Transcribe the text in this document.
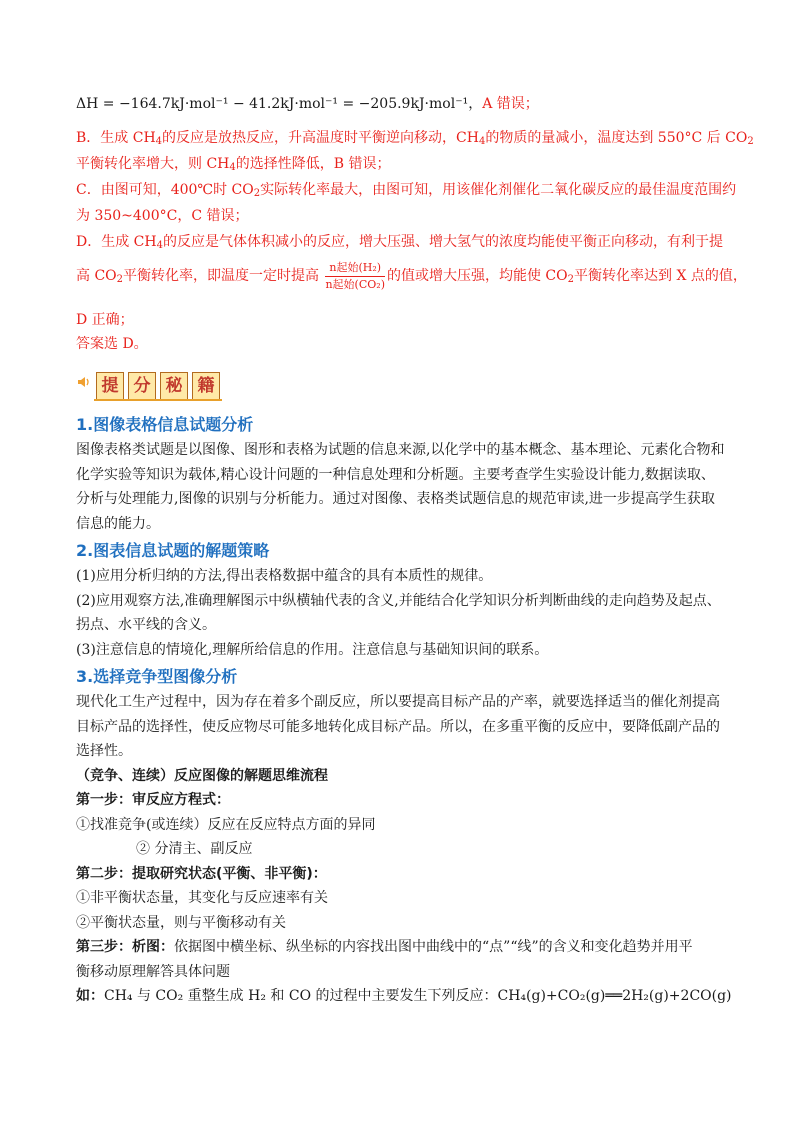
ΔH = −164.7kJ·mol⁻¹ − 41.2kJ·mol⁻¹ = −205.9kJ·mol⁻¹，A 错误；
B．生成 $CH_4$的反应是放热反应，升高温度时平衡逆向移动，$CH_4$的物质的量减小，温度达到 550°C 后 $CO_2$
平衡转化率增大，则 $CH_4$的选择性降低，B 错误；
C．由图可知，400℃时 $CO_2$实际转化率最大，由图可知，用该催化剂催化二氧化碳反应的最佳温度范围约
为 350~400°C，C 错误；
D．生成 $CH_4$的反应是气体体积减小的反应，增大压强、增大氢气的浓度均能使平衡正向移动，有利于提
高 $CO_2$平衡转化率，即温度一定时提高 $\frac{\text{n起始(H₂)}}{\text{n起始(CO₂)}}$ 的值或增大压强，均能使 $CO_2$平衡转化率达到 X 点的值，
D 正确；
答案选 D。
提 分 秘 籍
1.图像表格信息试题分析
图像表格类试题是以图像、图形和表格为试题的信息来源,以化学中的基本概念、基本理论、元素化合物和
化学实验等知识为载体,精心设计问题的一种信息处理和分析题。主要考查学生实验设计能力,数据读取、
分析与处理能力,图像的识别与分析能力。通过对图像、表格类试题信息的规范审读,进一步提高学生获取
信息的能力。
2.图表信息试题的解题策略
(1)应用分析归纳的方法,得出表格数据中蕴含的具有本质性的规律。
(2)应用观察方法,准确理解图示中纵横轴代表的含义,并能结合化学知识分析判断曲线的走向趋势及起点、
拐点、水平线的含义。
(3)注意信息的情境化,理解所给信息的作用。注意信息与基础知识间的联系。
3.选择竞争型图像分析
现代化工生产过程中，因为存在着多个副反应，所以要提高目标产品的产率，就要选择适当的催化剂提高
目标产品的选择性，使反应物尽可能多地转化成目标产品。所以，在多重平衡的反应中，要降低副产品的
选择性。
（竞争、连续）反应图像的解题思维流程
第一步：审反应方程式：
①找准竞争(或连续）反应在反应特点方面的异同
② 分清主、副反应
第二步：提取研究状态(平衡、非平衡)：
①非平衡状态量，其变化与反应速率有关
②平衡状态量，则与平衡移动有关
第三步：析图：依据图中横坐标、纵坐标的内容找出图中曲线中的“点”“线”的含义和变化趋势并用平
衡移动原理解答具体问题
如：CH₄ 与 CO₂ 重整生成 H₂ 和 CO 的过程中主要发生下列反应：CH₄(g)+CO₂(g)══2H₂(g)+2CO(g)
